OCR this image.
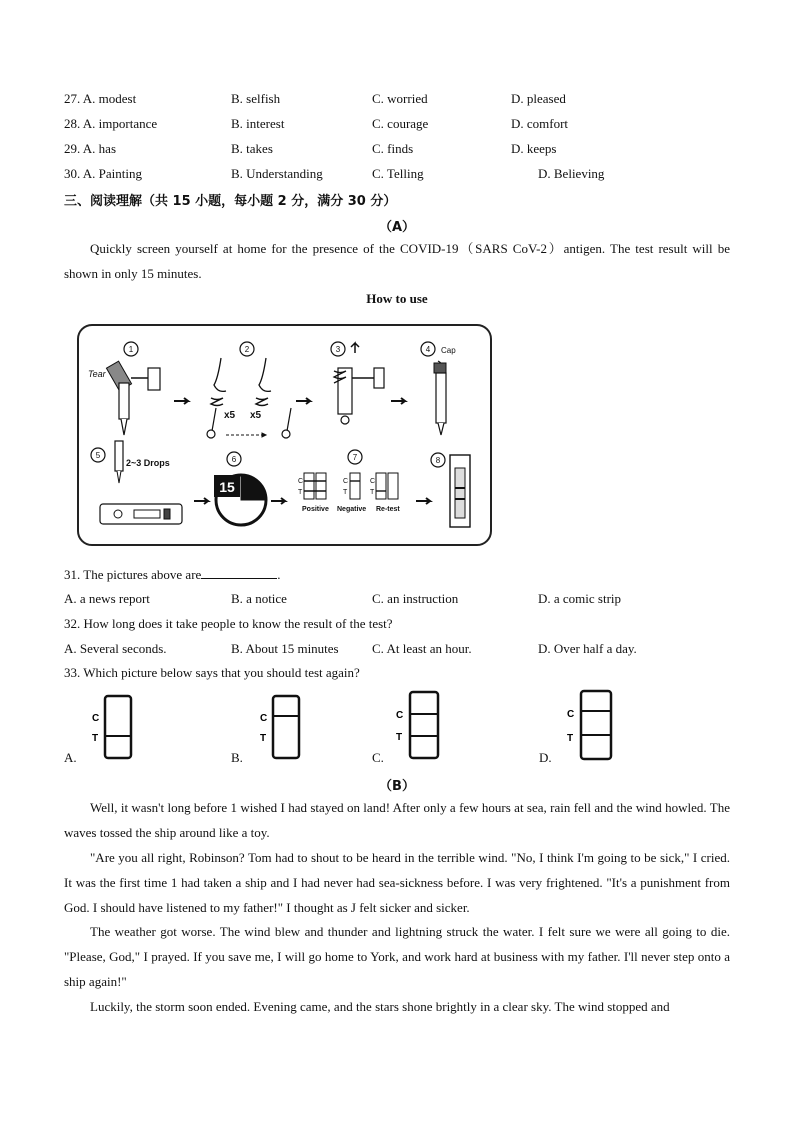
27. A. modest	B. selfish	C. worried	D. pleased
28. A. importance	B. interest	C. courage	D. comfort
29. A. has	B. takes	C. finds	D. keeps
30. A. Painting	B. Understanding	C. Telling	D. Believing
三、阅读理解（共 15 小题，每小题 2 分，满分 30 分）
（A）
Quickly screen yourself at home for the presence of the COVID-19（SARS CoV-2）antigen. The test result will be shown in only 15 minutes.
How to use
1
Tear
2
x5 x5
3	4 Cap
5
2~3 Drops	6
15
7
C
T
C
T
C
T
Positive Negative Re-test
8
31. The pictures above are	.
A. a news report	B. a notice	C. an instruction	D. a comic strip
32. How long does it take people to know the result of the test?
A. Several seconds.	B. About 15 minutes	C. At least an hour.	D. Over half a day.
33. Which picture below says that you should test again?
A.
C
T
B.
C
T
C.
C
T
D.
C
T
（B）
Well, it wasn't long before 1 wished I had stayed on land! After only a few hours at sea, rain fell and the wind howled. The waves tossed the ship around like a toy.
"Are you all right, Robinson? Tom had to shout to be heard in the terrible wind. "No, I think I'm going to be sick," I cried. It was the first time 1 had taken a ship and I had never had sea-sickness before. I was very frightened. "It's a punishment from God. I should have listened to my father!" I thought as J felt sicker and sicker.
The weather got worse. The wind blew and thunder and lightning struck the water. I felt sure we were all going to die. "Please, God," I prayed. If you save me, I will go home to York, and work hard at business with my father. I'll never step onto a ship again!"
Luckily, the storm soon ended. Evening came, and the stars shone brightly in a clear sky. The wind stopped and
